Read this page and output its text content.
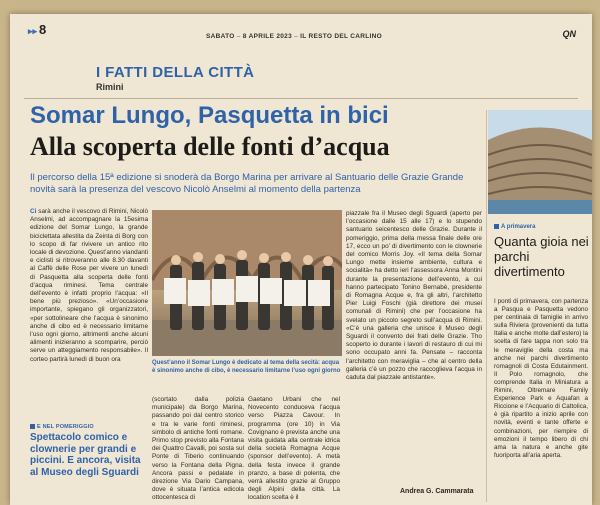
▸▸ 8	SABATO – 8 APRILE 2023 – IL RESTO DEL CARLINO	QN
I FATTI DELLA CITTÀ
Rimini
Somar Lungo, Pasquetta in bici
Alla scoperta delle fonti d’acqua
Il percorso della 15ª edizione si snoderà da Borgo Marina per arrivare al Santuario delle Grazie Grande novità sarà la presenza del vescovo Nicolò Anselmi al momento della partenza
Ci sarà anche il vescovo di Rimini, Nicolò Anselmi, ad accompagnare la 15esima edizione del Somar Lungo, la grande biciclettata allestita da Zeinta di Borg con lo scopo di far rivivere un antico rito locale di devozione. Quest’anno viandanti e ciclisti si ritroveranno alle 8.30 davanti al Caffè delle Rose per vivere un lunedì di Pasquetta alla scoperta delle fonti d’acqua riminesi. Tema centrale dell’evento è infatti proprio l’acqua: «Il bene più prezioso». «Un’occasione importante, spiegano gli organizzatori, «per sottolineare che l’acqua è sinonimo anche di cibo ed è necessario limitarne l’uso ogni giorno, altrimenti anche alcuni alimenti inizieranno a scomparire, perciò serve un atteggiamento responsabile». Il corteo partirà lunedì di buon ora
Quest’anno il Somar Lungo è dedicato al tema della secità: acqua è sinonimo anche di cibo, è necessario limitarne l’uso ogni giorno
(scortato dalla polizia municipale) da Borgo Marina, passando poi dal centro storico e tra le varie fonti riminesi, simbolo di antiche fonti romane. Primo stop previsto alla Fontana dei Quattro Cavalli, poi sosta sul Ponte di Tiberio continuando verso la Fontana della Pigna. Ancora passi e pedalate in direzione Via Dario Campana, dove è situata l’antica edicola ottocentesca di
Gaetano Urbani che nel Novecento conduceva l’acqua verso Piazza Cavour. In programma (ore 10) in Via Covignano è prevista anche una visita guidata alla centrale idrica della società Romagna Acque (sponsor dell’evento). A metà della festa invece il grande pranzo, a base di polenta, che verrà allestito grazie al Gruppo degli Alpini della città. La location scelta è il
piazzale fra il Museo degli Sguardi (aperto per l’occasione dalle 15 alle 17) e lo stupendo santuario seicentesco delle Grazie. Durante il pomeriggio, prima della messa finale delle ore 17, ecco un po’ di divertimento con le clownerie del comico Morris Joy. «Il tema della Somar Lungo mette insieme ambiente, cultura e socialità» ha detto ieri l’assessora Anna Montini durante la presentazione dell’evento, a cui hanno partecipato Tonino Bernabè, presidente di Romagna Acque e, fra gli altri, l’architetto Pier Luigi Foschi (già direttore dei musei comunali di Rimini) che per l’occasione ha svelato un piccolo segreto sull’acqua di Rimini. «C’è una galleria che unisce il Museo degli Sguardi il convento dei frati delle Grazie. Tho scoperto io durante i lavori di restauro di cui mi sono occupato anni fa. Pensate – racconta l’architetto con meraviglia – che al centro della galleria c’è un pozzo che raccoglieva l’acqua in caduta dal piazzale antistante».
Andrea G. Cammarata
E NEL POMERIGGIO
Spettacolo comico e clownerie per grandi e piccini. E ancora, visita al Museo degli Sguardi
A primavera
Quanta gioia nei parchi divertimento
I ponti di primavera, con partenza a Pasqua e Pasquetta vedono per centinaia di famiglie in arrivo sulla Riviera (provenienti da tutta Italia e anche molte dall’estero) la scelta di fare tappa non solo tra le meraviglie della costa ma anche nei parchi divertimento romagnoli di Costa Edutainment. Il Polo romagnolo, che comprende Italia in Miniatura a Rimini, Oltremare Family Experience Park e Aquafan a Riccione e l’Acquario di Cattolica, è già ripartito a inizio aprile con novità, eventi e tante offerte e combinazioni, per riempire di emozioni il tempo libero di chi ama la natura e anche gite fuoriporta all’aria aperta.
